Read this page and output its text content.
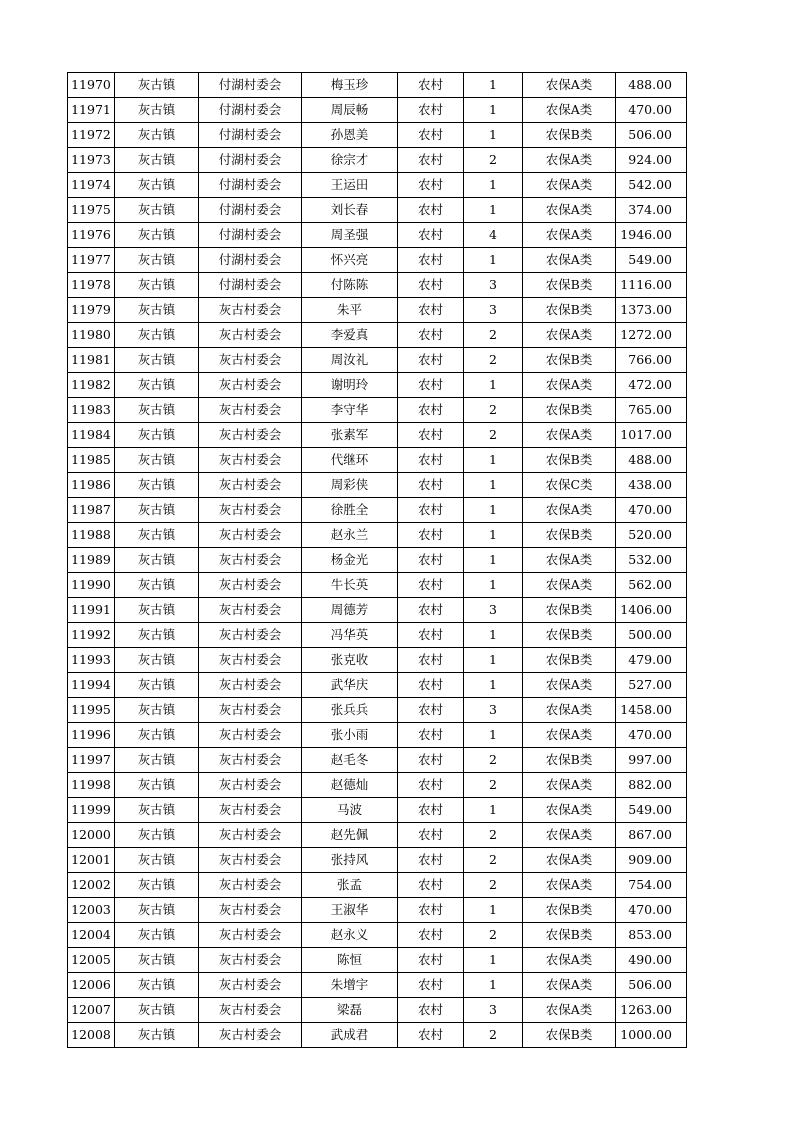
11970	灰古镇	付湖村委会	梅玉珍	农村	1	农保A类	488.00
11971	灰古镇	付湖村委会	周辰畅	农村	1	农保A类	470.00
11972	灰古镇	付湖村委会	孙恩美	农村	1	农保B类	506.00
11973	灰古镇	付湖村委会	徐宗才	农村	2	农保A类	924.00
11974	灰古镇	付湖村委会	王运田	农村	1	农保A类	542.00
11975	灰古镇	付湖村委会	刘长春	农村	1	农保A类	374.00
11976	灰古镇	付湖村委会	周圣强	农村	4	农保A类	1946.00
11977	灰古镇	付湖村委会	怀兴亮	农村	1	农保A类	549.00
11978	灰古镇	付湖村委会	付陈陈	农村	3	农保B类	1116.00
11979	灰古镇	灰古村委会	朱平	农村	3	农保B类	1373.00
11980	灰古镇	灰古村委会	李爱真	农村	2	农保A类	1272.00
11981	灰古镇	灰古村委会	周汝礼	农村	2	农保B类	766.00
11982	灰古镇	灰古村委会	谢明玲	农村	1	农保A类	472.00
11983	灰古镇	灰古村委会	李守华	农村	2	农保B类	765.00
11984	灰古镇	灰古村委会	张素军	农村	2	农保A类	1017.00
11985	灰古镇	灰古村委会	代继环	农村	1	农保B类	488.00
11986	灰古镇	灰古村委会	周彩侠	农村	1	农保C类	438.00
11987	灰古镇	灰古村委会	徐胜全	农村	1	农保A类	470.00
11988	灰古镇	灰古村委会	赵永兰	农村	1	农保B类	520.00
11989	灰古镇	灰古村委会	杨金光	农村	1	农保A类	532.00
11990	灰古镇	灰古村委会	牛长英	农村	1	农保A类	562.00
11991	灰古镇	灰古村委会	周德芳	农村	3	农保B类	1406.00
11992	灰古镇	灰古村委会	冯华英	农村	1	农保B类	500.00
11993	灰古镇	灰古村委会	张克收	农村	1	农保B类	479.00
11994	灰古镇	灰古村委会	武华庆	农村	1	农保A类	527.00
11995	灰古镇	灰古村委会	张兵兵	农村	3	农保A类	1458.00
11996	灰古镇	灰古村委会	张小雨	农村	1	农保A类	470.00
11997	灰古镇	灰古村委会	赵毛冬	农村	2	农保B类	997.00
11998	灰古镇	灰古村委会	赵德灿	农村	2	农保A类	882.00
11999	灰古镇	灰古村委会	马波	农村	1	农保A类	549.00
12000	灰古镇	灰古村委会	赵先佩	农村	2	农保A类	867.00
12001	灰古镇	灰古村委会	张持风	农村	2	农保A类	909.00
12002	灰古镇	灰古村委会	张孟	农村	2	农保A类	754.00
12003	灰古镇	灰古村委会	王淑华	农村	1	农保B类	470.00
12004	灰古镇	灰古村委会	赵永义	农村	2	农保B类	853.00
12005	灰古镇	灰古村委会	陈恒	农村	1	农保A类	490.00
12006	灰古镇	灰古村委会	朱增宇	农村	1	农保A类	506.00
12007	灰古镇	灰古村委会	梁磊	农村	3	农保A类	1263.00
12008	灰古镇	灰古村委会	武成君	农村	2	农保B类	1000.00
